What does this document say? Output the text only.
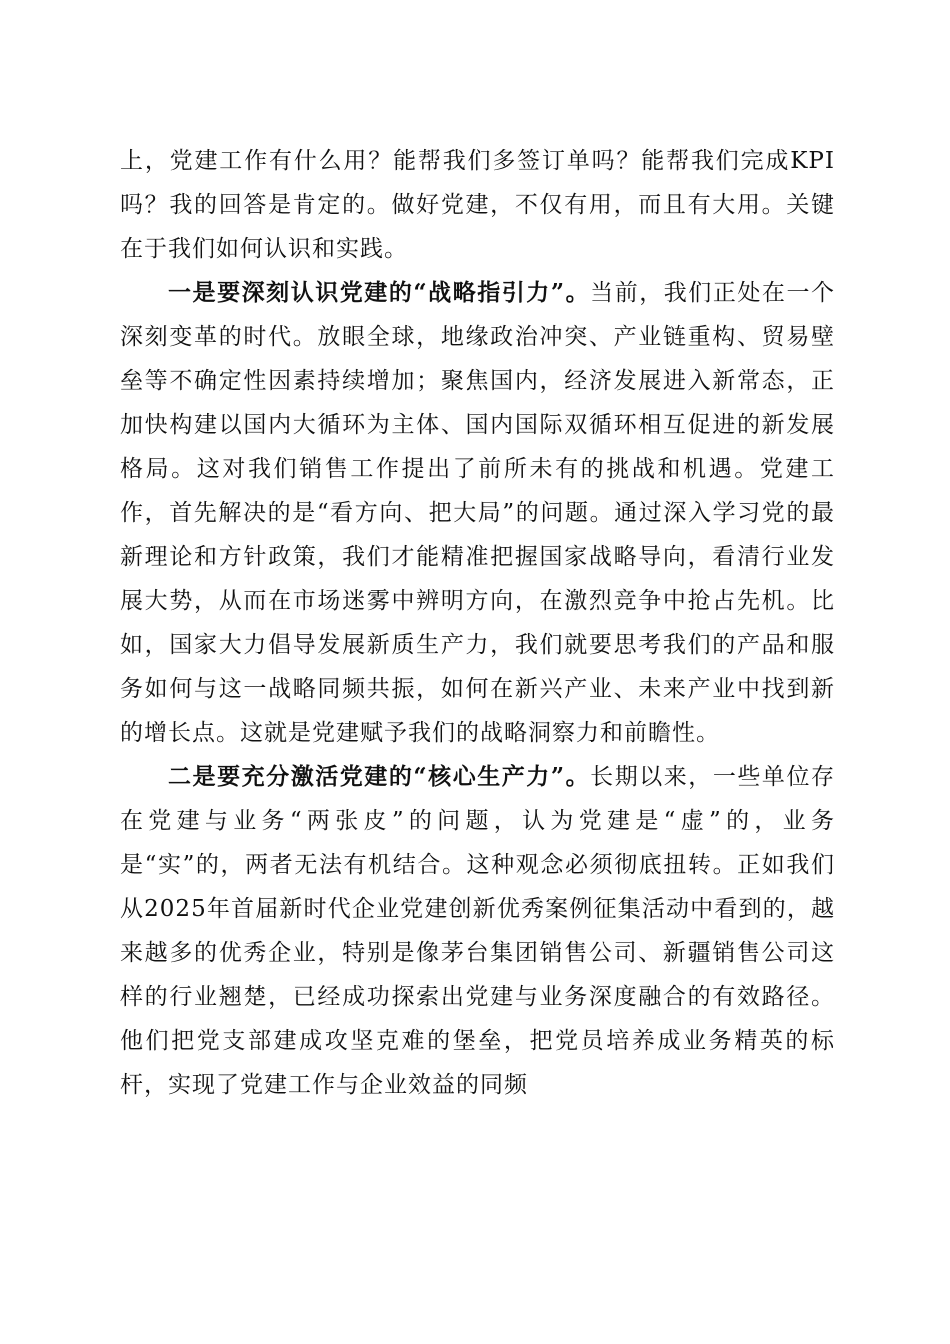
上，党建工作有什么用？能帮我们多签订单吗？能帮我们完成KPI吗？我的回答是肯定的。做好党建，不仅有用，而且有大用。关键在于我们如何认识和实践。

一是要深刻认识党建的“战略指引力”。当前，我们正处在一个深刻变革的时代。放眼全球，地缘政治冲突、产业链重构、贸易壁垒等不确定性因素持续增加；聚焦国内，经济发展进入新常态，正加快构建以国内大循环为主体、国内国际双循环相互促进的新发展格局。这对我们销售工作提出了前所未有的挑战和机遇。党建工作，首先解决的是“看方向、把大局”的问题。通过深入学习党的最新理论和方针政策，我们才能精准把握国家战略导向，看清行业发展大势，从而在市场迷雾中辨明方向，在激烈竞争中抢占先机。比如，国家大力倡导发展新质生产力，我们就要思考我们的产品和服务如何与这一战略同频共振，如何在新兴产业、未来产业中找到新的增长点。这就是党建赋予我们的战略洞察力和前瞻性。

二是要充分激活党建的“核心生产力”。长期以来，一些单位存在党建与业务“两张皮”的问题，认为党建是“虚”的，业务是“实”的，两者无法有机结合。这种观念必须彻底扭转。正如我们从2025年首届新时代企业党建创新优秀案例征集活动中看到的，越来越多的优秀企业，特别是像茅台集团销售公司、新疆销售公司这样的行业翘楚，已经成功探索出党建与业务深度融合的有效路径。他们把党支部建成攻坚克难的堡垒，把党员培养成业务精英的标杆，实现了党建工作与企业效益的同频
